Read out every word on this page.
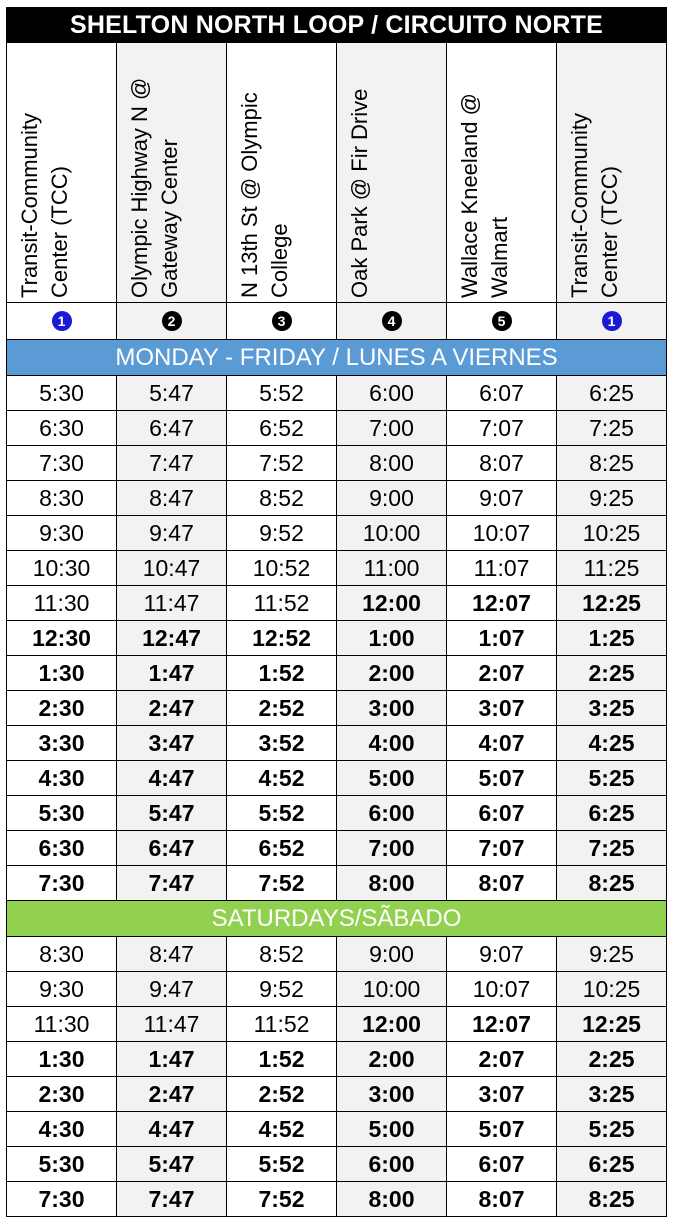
SHELTON NORTH LOOP / CIRCUITO NORTE					

Transit-Community Center (TCC)	Olympic Highway N @ Gateway Center	N 13th St @ Olympic College	Oak Park @ Fir Drive	Wallace Kneeland @ Walmart	Transit-Community Center (TCC)

1	2	3	4	5	1
MONDAY - FRIDAY / LUNES A VIERNES					
5:30	5:47	5:52	6:00	6:07	6:25
6:30	6:47	6:52	7:00	7:07	7:25
7:30	7:47	7:52	8:00	8:07	8:25
8:30	8:47	8:52	9:00	9:07	9:25
9:30	9:47	9:52	10:00	10:07	10:25
10:30	10:47	10:52	11:00	11:07	11:25
11:30	11:47	11:52	12:00	12:07	12:25
12:30	12:47	12:52	1:00	1:07	1:25
1:30	1:47	1:52	2:00	2:07	2:25
2:30	2:47	2:52	3:00	3:07	3:25
3:30	3:47	3:52	4:00	4:07	4:25
4:30	4:47	4:52	5:00	5:07	5:25
5:30	5:47	5:52	6:00	6:07	6:25
6:30	6:47	6:52	7:00	7:07	7:25
7:30	7:47	7:52	8:00	8:07	8:25
SATURDAYS/SÃBADO					
8:30	8:47	8:52	9:00	9:07	9:25
9:30	9:47	9:52	10:00	10:07	10:25
11:30	11:47	11:52	12:00	12:07	12:25
1:30	1:47	1:52	2:00	2:07	2:25
2:30	2:47	2:52	3:00	3:07	3:25
4:30	4:47	4:52	5:00	5:07	5:25
5:30	5:47	5:52	6:00	6:07	6:25
7:30	7:47	7:52	8:00	8:07	8:25
